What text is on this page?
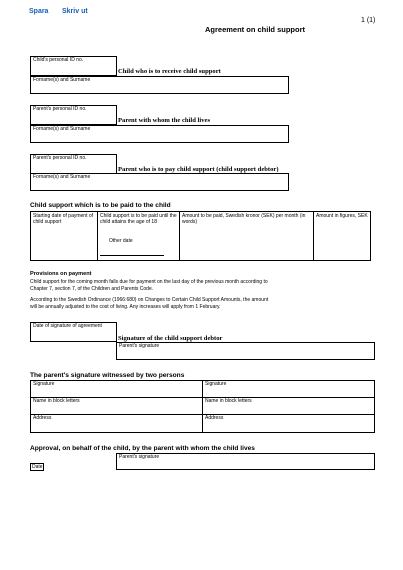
Spara Skriv ut
Agreement on child support
1 (1)
Child's personal ID no.
Child who is to receive child support
Forname(s) and Surname
Parent's personal ID no.
Parent with whom the child lives
Forname(s) and Surname
Parent's personal ID no.
Parent who is to pay child support (child support debtor)
Forname(s) and Surname
Child support which is to be paid to the child
Starting date of payment of child support
Child support is to be paid until the child attains the age of 18
Other date
Amount to be paid, Swedish kronor (SEK) per month (in words)
Amount in figures, SEK
Provisions on payment
Child support for the coming month falls due for payment on the last day of the previous month according to Chapter 7, section 7, of the Children and Parents Code.
According to the Swedish Ordinance (1966:680) on Changes to Certain Child Support Amounts, the amount will be annually adjusted to the cost of living. Any increases will apply from 1 February.
Date of signature of agreement
Signature of the child support debtor
Parent's signature
The parent's signature witnessed by two persons
Signature	Signature
Name in block letters	Name in block letters
Address	Address
Approval, on behalf of the child, by the parent with whom the child lives
Parent's signature
Date
